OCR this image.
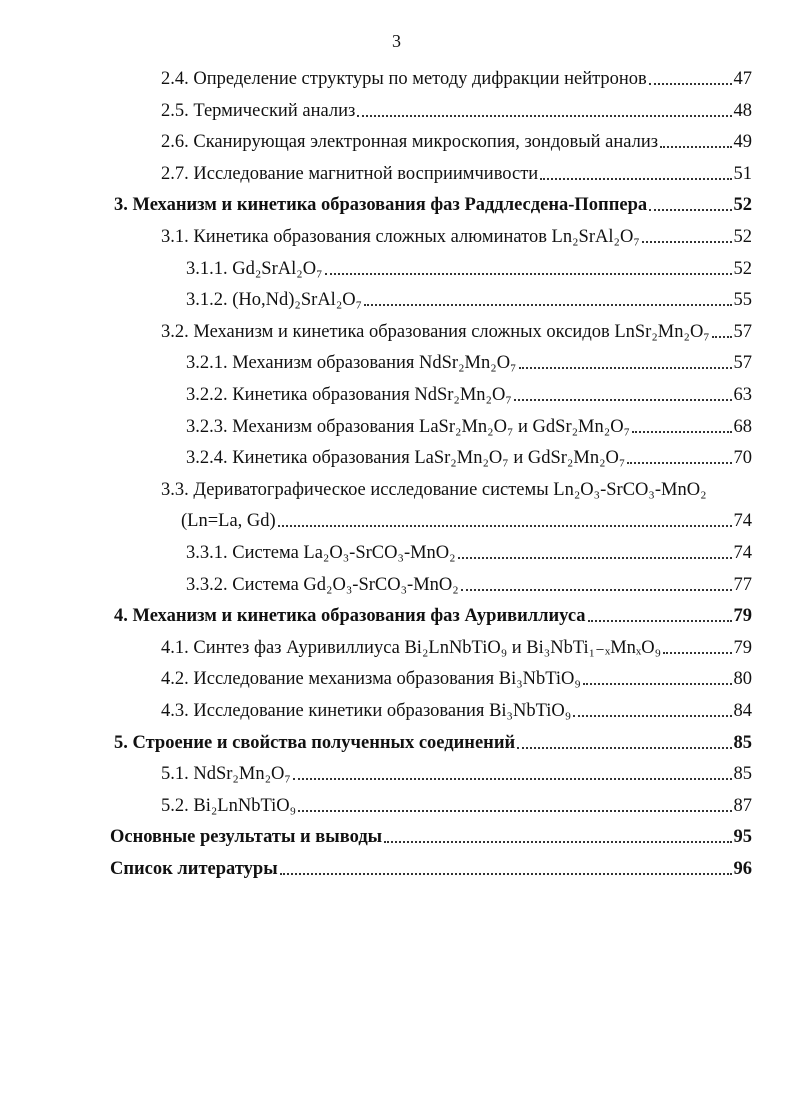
3
2.4. Определение структуры по методу дифракции нейтронов	47
2.5. Термический анализ	48
2.6. Сканирующая электронная микроскопия, зондовый анализ	49
2.7. Исследование магнитной восприимчивости	51
3. Механизм и кинетика образования фаз Раддлесдена-Поппера	52
3.1. Кинетика образования сложных алюминатов Ln₂SrAl₂O₇	52
3.1.1. Gd₂SrAl₂O₇	52
3.1.2. (Ho,Nd)₂SrAl₂O₇	55
3.2. Механизм и кинетика образования сложных оксидов LnSr₂Mn₂O₇ 57
3.2.1. Механизм образования NdSr₂Mn₂O₇	57
3.2.2. Кинетика образования NdSr₂Mn₂O₇	63
3.2.3. Механизм образования LaSr₂Mn₂O₇ и GdSr₂Mn₂O₇	68
3.2.4. Кинетика образования LaSr₂Mn₂O₇ и GdSr₂Mn₂O₇	70
3.3. Дериватографическое исследование системы Ln₂O₃-SrCO₃-MnO₂
(Ln=La, Gd)	74
3.3.1. Система La₂O₃-SrCO₃-MnO₂	74
3.3.2. Система Gd₂O₃-SrCO₃-MnO₂	77
4. Механизм и кинетика образования фаз Ауривиллиуса	79
4.1. Синтез фаз Ауривиллиуса Bi₂LnNbTiO₉ и Bi₃NbTi₁₋ₓMnₓO₉	79
4.2. Исследование механизма образования Bi₃NbTiO₉	80
4.3. Исследование кинетики образования Bi₃NbTiO₉	84
5. Строение и свойства полученных соединений	85
5.1. NdSr₂Mn₂O₇	85
5.2. Bi₂LnNbTiO₉	87
Основные результаты и выводы	95
Список литературы	96
